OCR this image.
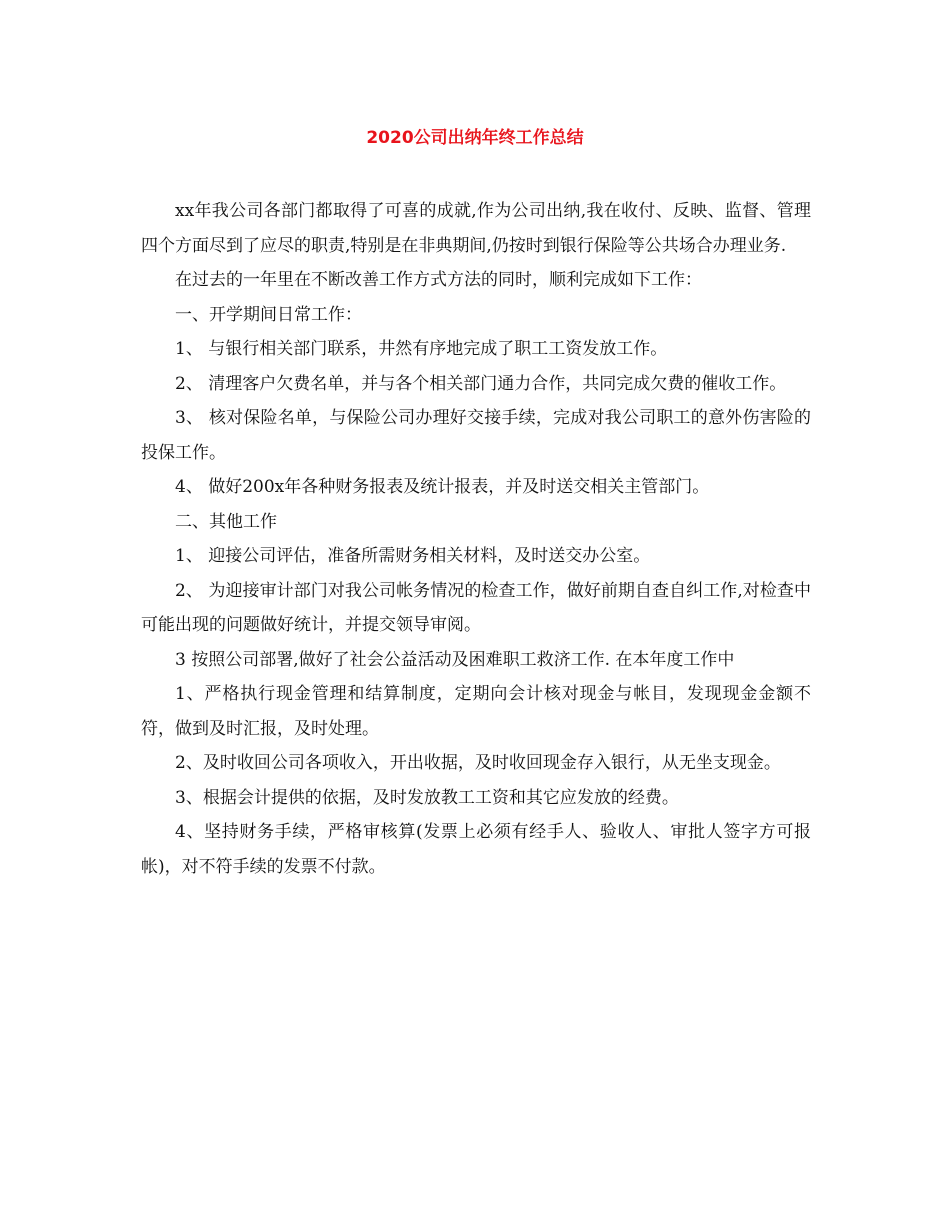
2020公司出纳年终工作总结

xx年我公司各部门都取得了可喜的成就,作为公司出纳,我在收付、反映、监督、管理四个方面尽到了应尽的职责,特别是在非典期间,仍按时到银行保险等公共场合办理业务.

在过去的一年里在不断改善工作方式方法的同时，顺利完成如下工作：

一、开学期间日常工作：

1、 与银行相关部门联系，井然有序地完成了职工工资发放工作。

2、 清理客户欠费名单，并与各个相关部门通力合作，共同完成欠费的催收工作。

3、 核对保险名单，与保险公司办理好交接手续，完成对我公司职工的意外伤害险的投保工作。

4、 做好200x年各种财务报表及统计报表，并及时送交相关主管部门。

二、其他工作

1、 迎接公司评估，准备所需财务相关材料，及时送交办公室。

2、 为迎接审计部门对我公司帐务情况的检查工作，做好前期自查自纠工作,对检查中可能出现的问题做好统计，并提交领导审阅。

3 按照公司部署,做好了社会公益活动及困难职工救济工作. 在本年度工作中

1、严格执行现金管理和结算制度，定期向会计核对现金与帐目，发现现金金额不符，做到及时汇报，及时处理。

2、及时收回公司各项收入，开出收据，及时收回现金存入银行，从无坐支现金。

3、根据会计提供的依据，及时发放教工工资和其它应发放的经费。

4、坚持财务手续，严格审核算(发票上必须有经手人、验收人、审批人签字方可报帐)，对不符手续的发票不付款。
